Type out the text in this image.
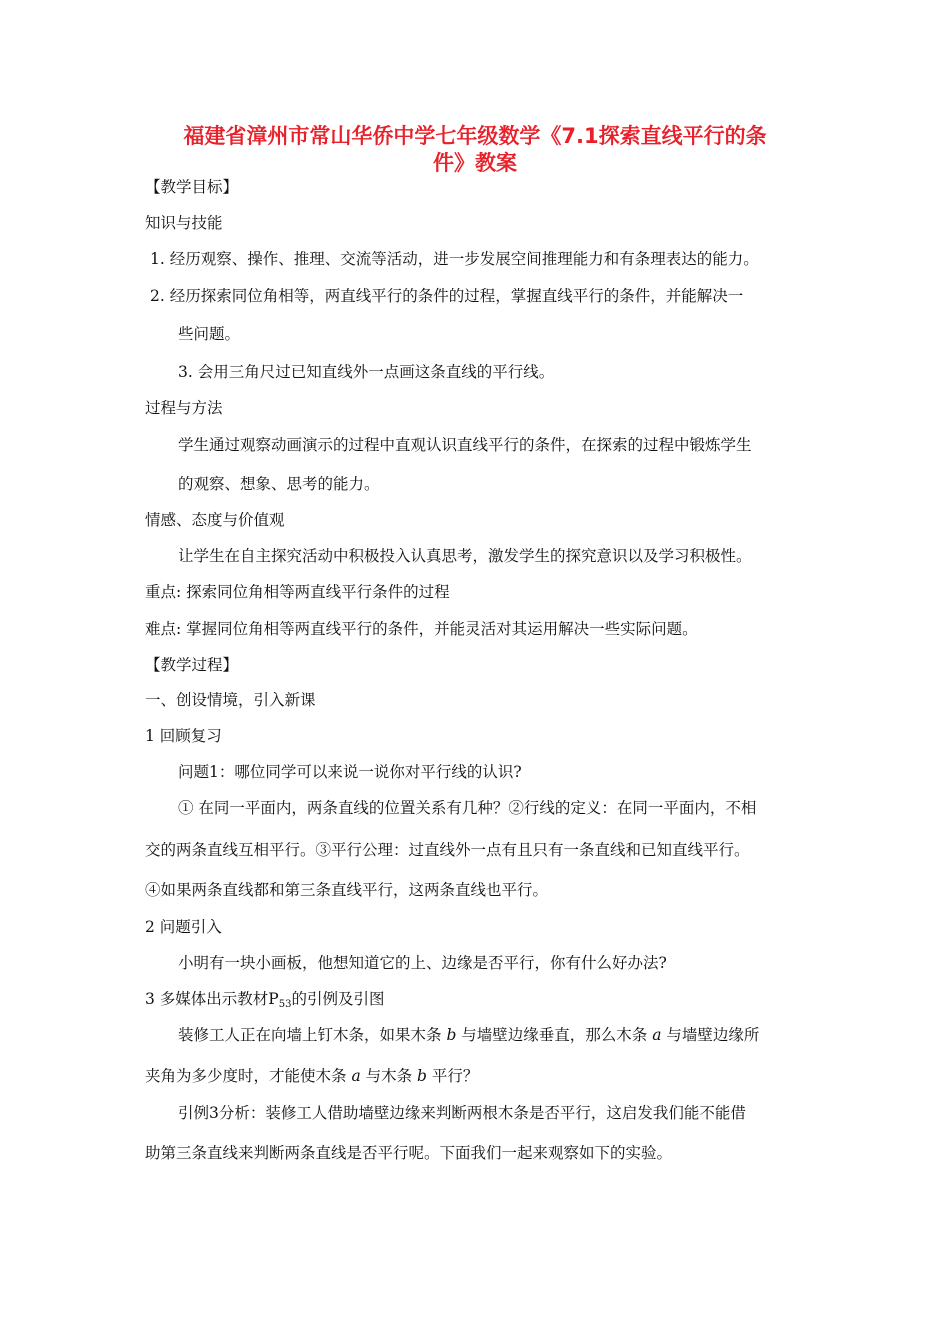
福建省漳州市常山华侨中学七年级数学《7.1探索直线平行的条
件》教案

【教学目标】

知识与技能

1. 经历观察、操作、推理、交流等活动，进一步发展空间推理能力和有条理表达的能力。

2. 经历探索同位角相等，两直线平行的条件的过程，掌握直线平行的条件，并能解决一

些问题。

3. 会用三角尺过已知直线外一点画这条直线的平行线。

过程与方法

学生通过观察动画演示的过程中直观认识直线平行的条件，在探索的过程中锻炼学生

的观察、想象、思考的能力。

情感、态度与价值观

让学生在自主探究活动中积极投入认真思考，激发学生的探究意识以及学习积极性。

重点: 探索同位角相等两直线平行条件的过程

难点: 掌握同位角相等两直线平行的条件，并能灵活对其运用解决一些实际问题。

【教学过程】

一、创设情境，引入新课

1 回顾复习

问题1：哪位同学可以来说一说你对平行线的认识?

① 在同一平面内，两条直线的位置关系有几种？②行线的定义：在同一平面内，不相

交的两条直线互相平行。③平行公理：过直线外一点有且只有一条直线和已知直线平行。

④如果两条直线都和第三条直线平行，这两条直线也平行。

2 问题引入

小明有一块小画板，他想知道它的上、边缘是否平行，你有什么好办法?

3 多媒体出示教材$P_{53}$的引例及引图

装修工人正在向墙上钉木条，如果木条 b 与墙壁边缘垂直，那么木条 a 与墙壁边缘所

夹角为多少度时，才能使木条 a 与木条 b 平行？

引例3分析：装修工人借助墙壁边缘来判断两根木条是否平行，这启发我们能不能借

助第三条直线来判断两条直线是否平行呢。下面我们一起来观察如下的实验。
